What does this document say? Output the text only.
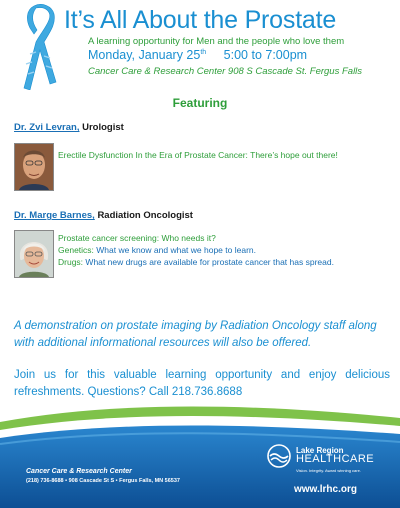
It’s All About the Prostate
A learning opportunity for Men and the people who love them
Monday, January 25th 5:00 to 7:00pm
Cancer Care & Research Center 908 S Cascade St. Fergus Falls
Featuring
Dr. Zvi Levran, Urologist
Erectile Dysfunction In the Era of Prostate Cancer: There’s hope out there!
Dr. Marge Barnes, Radiation Oncologist
Prostate cancer screening: Who needs it?
Genetics: What we know and what we hope to learn.
Drugs: What new drugs are available for prostate cancer that has spread.
A demonstration on prostate imaging by Radiation Oncology staff along with additional informational resources will also be offered.
Join us for this valuable learning opportunity and enjoy delicious refreshments. Questions? Call 218.736.8688
Cancer Care & Research Center
(218) 736-8688 • 908 Cascade St S • Fergus Falls, MN 56537
Lake Region
HEALTHCARE
Vision. Integrity. Award winning care.
www.lrhc.org
